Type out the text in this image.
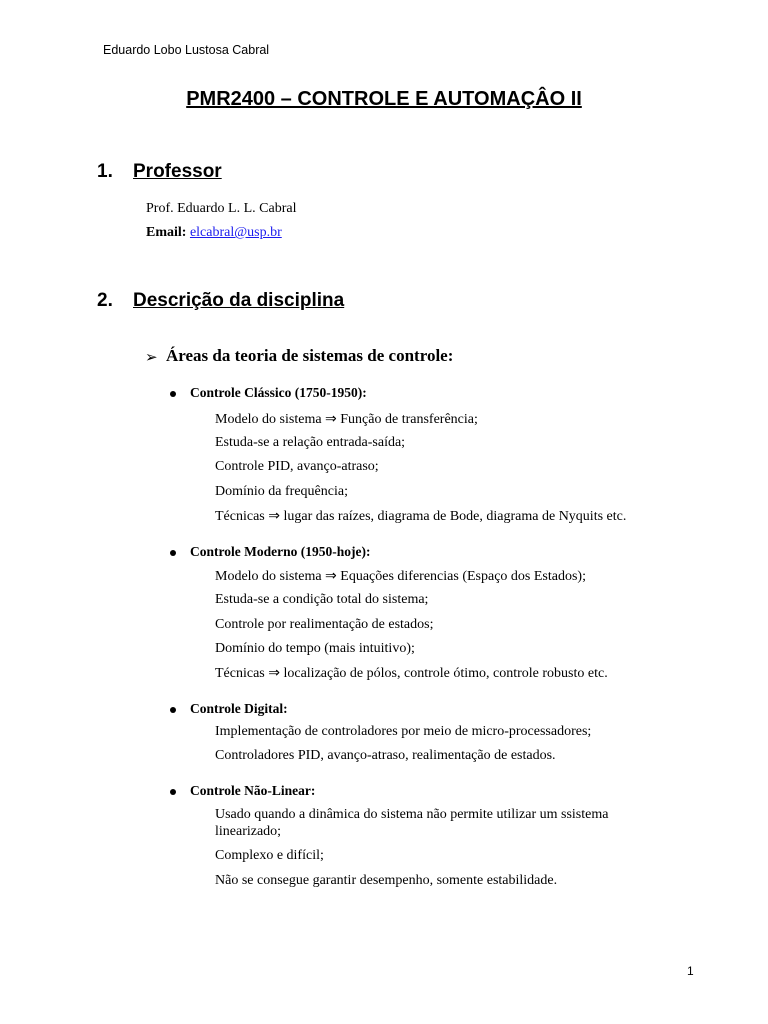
Eduardo Lobo Lustosa Cabral
PMR2400 – CONTROLE E AUTOMAÇÂO II
1. Professor
Prof. Eduardo L. L. Cabral
Email: elcabral@usp.br
2. Descrição da disciplina
➢ Áreas da teoria de sistemas de controle:
Controle Clássico (1750-1950):
Modelo do sistema ⇒ Função de transferência;
Estuda-se a relação entrada-saída;
Controle PID, avanço-atraso;
Domínio da frequência;
Técnicas ⇒ lugar das raízes, diagrama de Bode, diagrama de Nyquits etc.
Controle Moderno (1950-hoje):
Modelo do sistema ⇒ Equações diferencias (Espaço dos Estados);
Estuda-se a condição total do sistema;
Controle por realimentação de estados;
Domínio do tempo (mais intuitivo);
Técnicas ⇒ localização de pólos, controle ótimo, controle robusto etc.
Controle Digital:
Implementação de controladores por meio de micro-processadores;
Controladores PID, avanço-atraso, realimentação de estados.
Controle Não-Linear:
Usado quando a dinâmica do sistema não permite utilizar um ssistema
linearizado;
Complexo e difícil;
Não se consegue garantir desempenho, somente estabilidade.
1
